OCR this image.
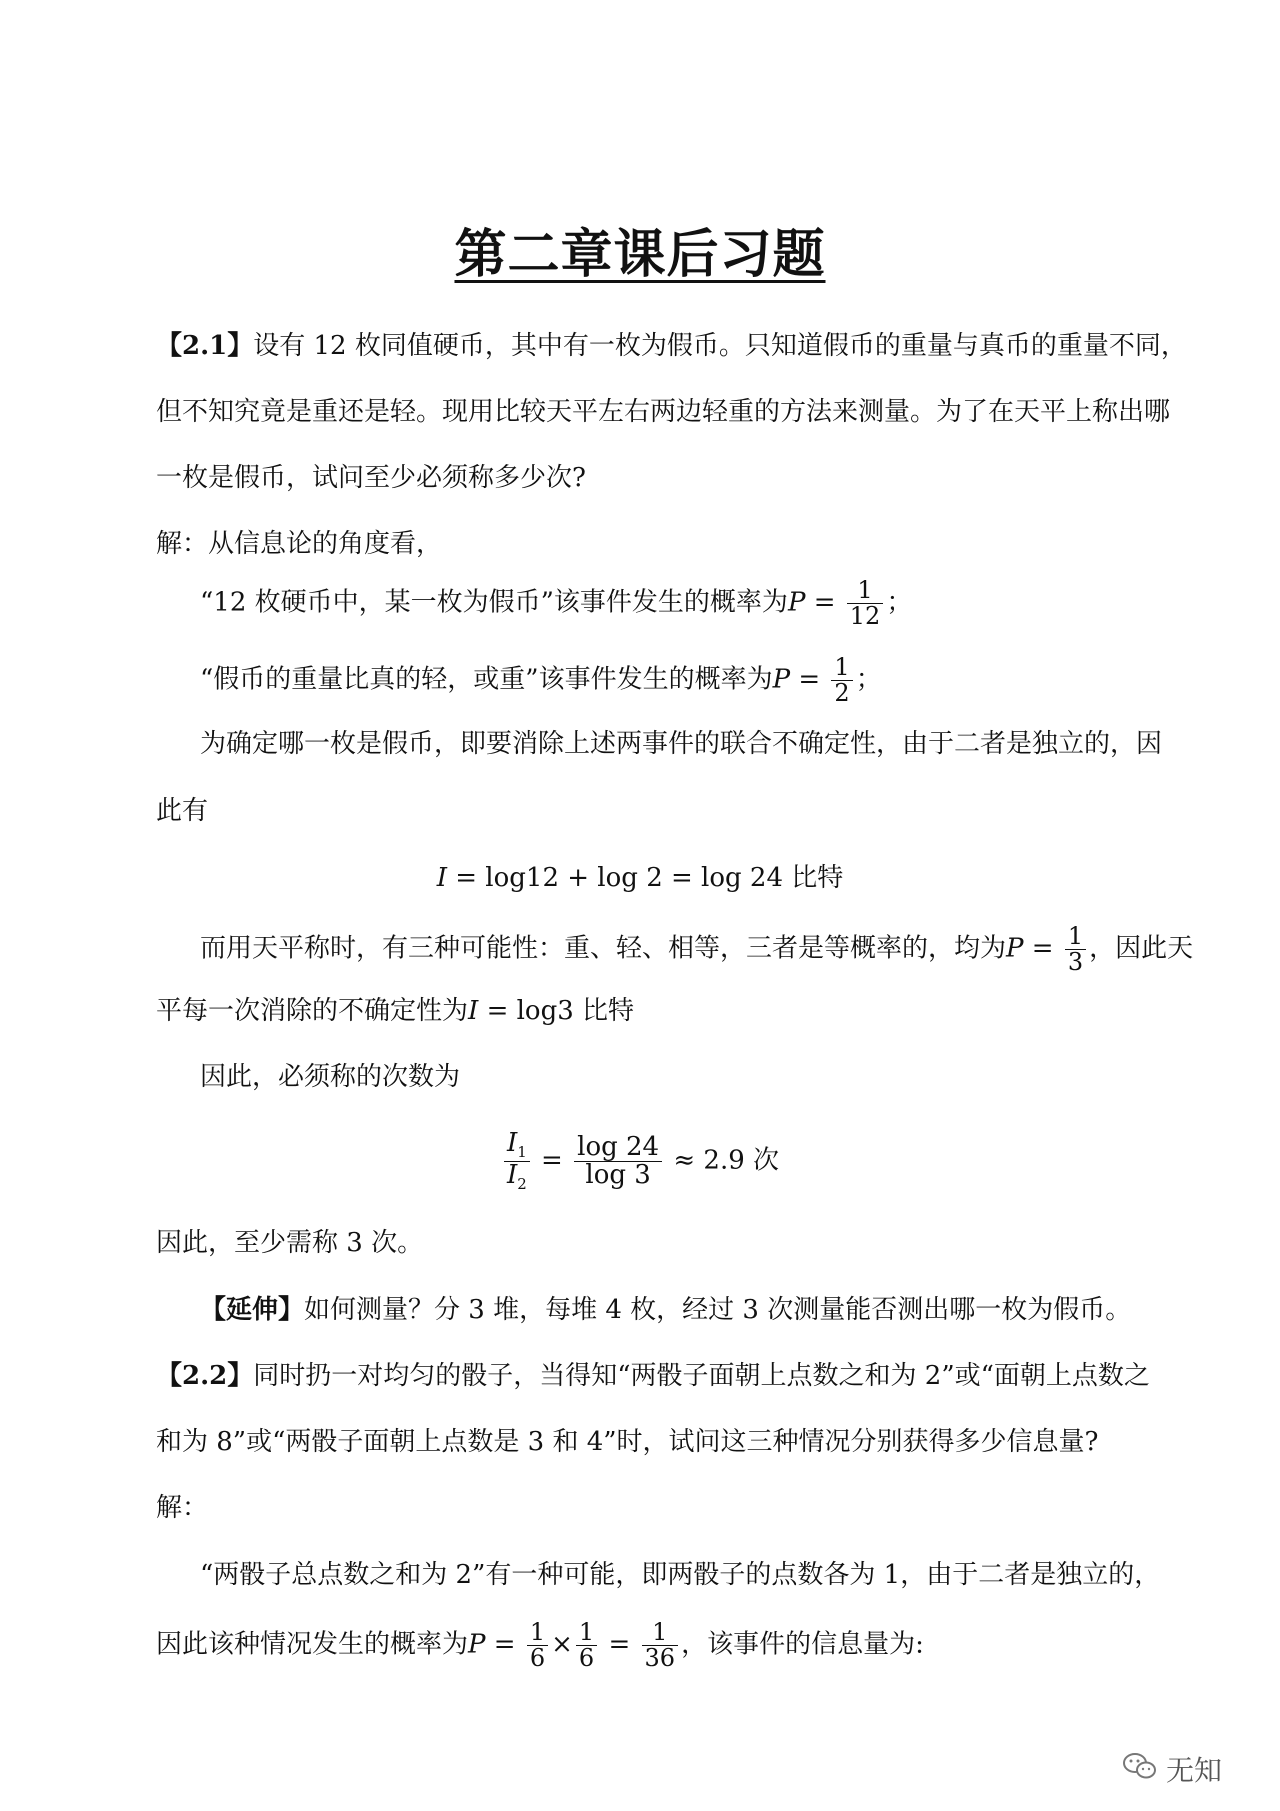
第二章课后习题
【2.1】设有 12 枚同值硬币，其中有一枚为假币。只知道假币的重量与真币的重量不同，
但不知究竟是重还是轻。现用比较天平左右两边轻重的方法来测量。为了在天平上称出哪
一枚是假币，试问至少必须称多少次?
解：从信息论的角度看，
“12 枚硬币中，某一枚为假币”该事件发生的概率为$P = \frac{1}{12}$ ；
“假币的重量比真的轻，或重”该事件发生的概率为$P = \frac{1}{2}$ ；
为确定哪一枚是假币，即要消除上述两事件的联合不确定性，由于二者是独立的，因
此有
I = log12 + log 2 = log 24 比特
而用天平称时，有三种可能性：重、轻、相等，三者是等概率的，均为$P = \frac{1}{3}$ ，因此天
平每一次消除的不确定性为I = log3 比特
因此，必须称的次数为
$\frac{I_1}{I_2} = \frac{\log 24}{\log 3} \approx 2.9$ 次
因此，至少需称 3 次。
【延伸】如何测量？分 3 堆，每堆 4 枚，经过 3 次测量能否测出哪一枚为假币。
【2.2】同时扔一对均匀的骰子，当得知“两骰子面朝上点数之和为 2”或“面朝上点数之
和为 8”或“两骰子面朝上点数是 3 和 4”时，试问这三种情况分别获得多少信息量?
解：
“两骰子总点数之和为 2”有一种可能，即两骰子的点数各为 1，由于二者是独立的，
因此该种情况发生的概率为$P = \frac{1}{6} \times \frac{1}{6} = \frac{1}{36}$ ，该事件的信息量为:
无知
